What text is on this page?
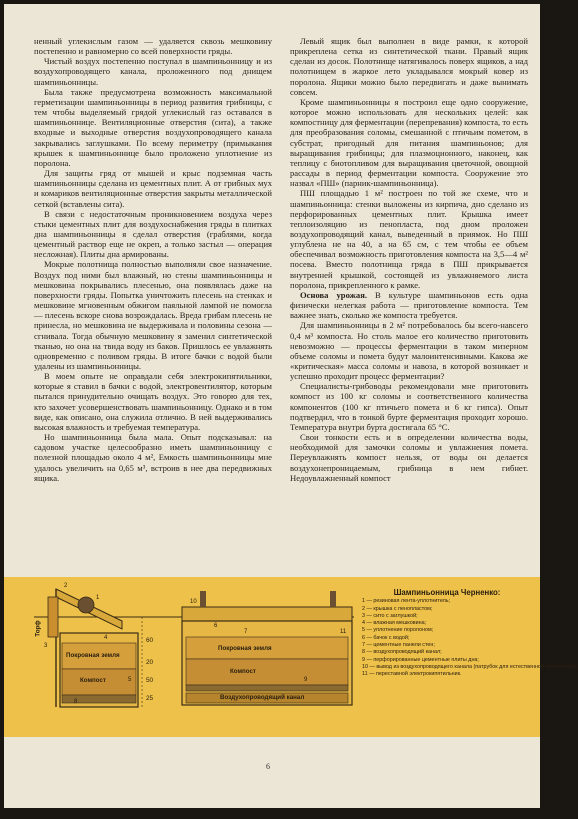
ненный углекислым газом — удаляется сквозь мешковину постепенно и равномерно со всей поверхности гряды.

Чистый воздух постепенно поступал в шампиньонницу и из воздухопроводящего канала, проложенного под днищем шампиньонницы.

Была также предусмотрена возможность максимальной герметизации шампиньонницы в период развития грибницы, с тем чтобы выделяемый грядой углекислый газ оставался в шампиньоннице. Вентиляционные отверстия (сита), а также входные и выходные отверстия воздухопроводящего канала закрывались заглушками. По всему периметру (примыкания крышек к шампиньоннице было проложено уплотнение из поролона.

Для защиты гряд от мышей и крыс подземная часть шампиньонницы сделана из цементных плит. А от грибных мух и комариков вентиляционные отверстия закрыты металлической сеткой (вставлены сита).

В связи с недостаточным проникновением воздуха через стыки цементных плит для воздухоснабжения гряды в плитках дна шампиньонницы я сделал отверстия (граблями, когда цементный раствор еще не окреп, а только застыл — операция несложная). Плиты дна армированы.

Мокрые полотнища полностью выполняли свое назначение. Воздух под ними был влажный, но стены шампиньонницы и мешковина покрывались плесенью, она появлялась даже на поверхности гряды. Попытка уничтожить плесень на стенках и мешковине мгновенным обжигом паяльной лампой не помогла — плесень вскоре снова возрождалась. Вреда грибам плесень не принесла, но мешковина не выдерживала и половины сезона — сгнивала. Тогда обычную мешковину я заменил синтетической тканью, но она на твида воду из баков. Пришлось ее увлажнять одновременно с поливом гряды. В итоге бачки с водой были удалены из шампиньонницы.

В моем опыте не оправдали себя электрокипятильники, которые я ставил в бачки с водой, электровентилятор, которым пытался принудительно очищать воздух. Это говорю для тех, кто захочет усовершенствовать шампиньонницу. Однако и в том виде, как описано, она служила отлично. В ней выдерживались высокая влажность и требуемая температура.

Но шампиньонница была мала. Опыт подсказывал: на садовом участке целесообразно иметь шампиньонницу с полезной площадью около 4 м², Емкость шампиньонницы мне удалось увеличить на 0,65 м³, встроив в нее два передвижных ящика.

Левый ящик был выполнен в виде рамки, к которой прикреплена сетка из синтетической ткани. Правый ящик сделан из досок. Полотнище натягивалось поверх ящиков, а над полотнищем в жаркое лето укладывался мокрый ковер из поролона. Ящики можно было передвигать и даже вынимать совсем.

Кроме шампиньонницы я построил еще одно сооружение, которое можно использовать для нескольких целей: как компостницу для ферментации (перепревания) компоста, то есть для преобразования соломы, смешанной с птичьим пометом, в субстрат, пригодный для питания шампиньонов; для выращивания грибницы; для плазмоционного, наконец, как теплицу с биотопливом для выращивания цветочной, овощной рассады в период ферментации компоста. Сооружение это назвал «ПШ» (парник-шампиньонница).

ПШ площадью 1 м² построен по той же схеме, что и шампиньонница: стенки выложены из кирпича, дно сделано из перфорированных цементных плит. Крышка имеет теплоизоляцию из пенопласта, под дном проложен воздухопроводящий канал, выведенный в приямок. Но ПШ углублена не на 40, а на 65 см, с тем чтобы ее объем обеспечивал возможность приготовления компоста на 3,5—4 м² посева. Вместо полотнища гряда в ПШ прикрывается внутренней крышкой, состоящей из увлажняемого листа поролона, прикрепленного к рамке.

Основа урожая. В культуре шампиньонов есть одна физически нелегкая работа — приготовление компоста. Тем важнее знать, сколько же компоста требуется.

Для шампиньонницы в 2 м² потребовалось бы всего-навсего 0,4 м³ компоста. Но столь малое его количество приготовить невозможно — процессы ферментации в таком мизерном объеме соломы и помета будут малоинтенсивными. Какова же «критическая» масса соломы и навоза, в которой возникает и успешно проходит процесс ферментации?

Специалисты-грибоводы рекомендовали мне приготовить компост из 100 кг соломы и соответственного количества компонентов (100 кг птичьего помета и 6 кг гипса). Опыт подтвердил, что в тонкой бурте ферментация проходит хорошо. Температура внутри бурта достигала 65 °С.

Свои тонкости есть и в определении количества воды, необходимой для замочки соломы и увлажнения помета. Переувлажнять компост нельзя, от воды он делается воздухонепроницаемым, грибница в нем гибнет. Недоувлажненный компост

2
1
3
4
5
8
10
7
9
11
6
Торф
Покровная земля
Компост
Покровная земля
Компост
Воздухопроводящий канал
60
20
50
25
Шампиньонница Черненко:
1 — резиновая лента-уплотнитель;
2 — крышка с пенопластом;
3 — сито с заглушкой;
4 — влажная мешковина;
5 — уплотнение поролоном;
6 — бачок с водой;
7 — цементные панели стен;
8 — воздухопроводящий канал;
9 — перфорированные цементные плиты дна;
10 — вывод из воздухопроводящего канала (патрубок для естественной вентиляции);
11 — переставной электрокипятильник.
6
